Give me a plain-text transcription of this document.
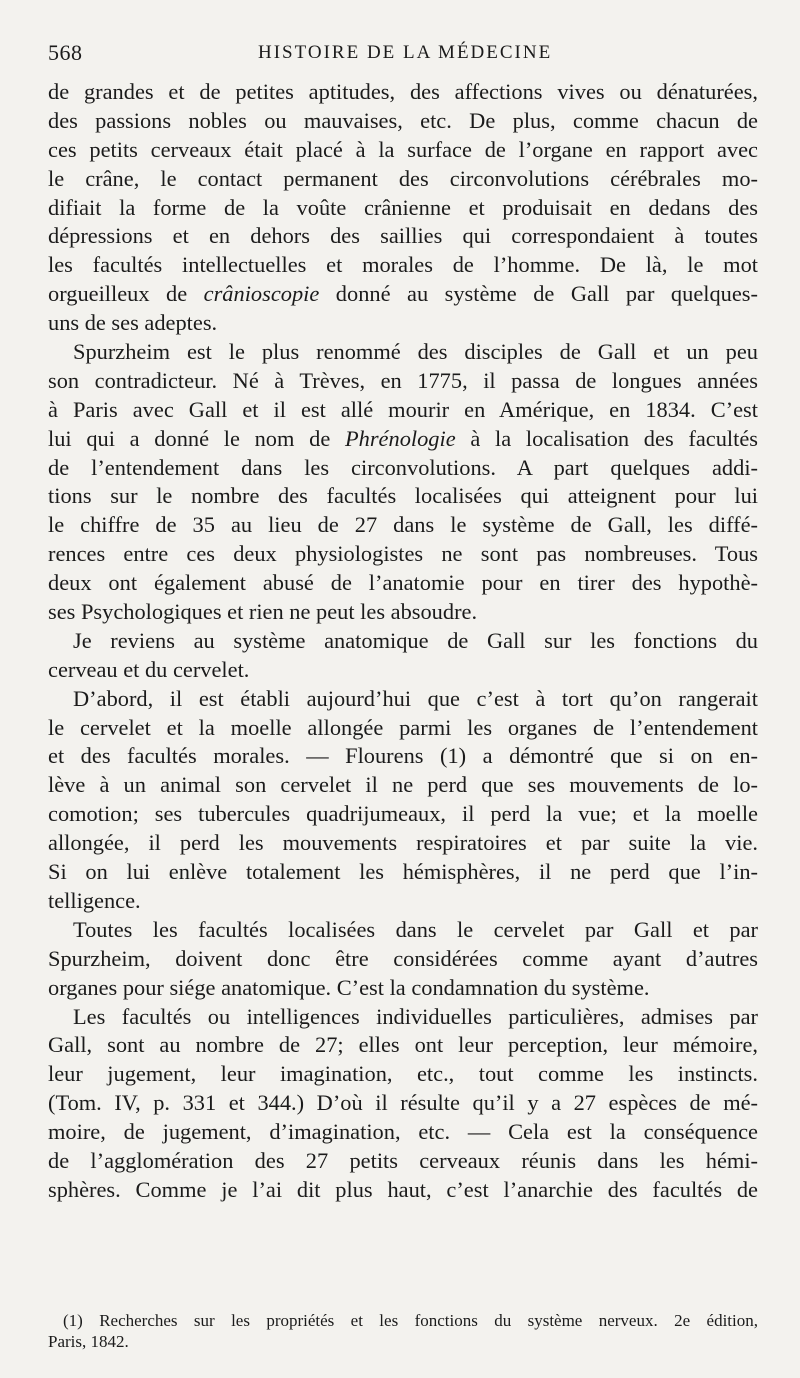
568	HISTOIRE DE LA MÉDECINE
de grandes et de petites aptitudes, des affections vives ou dénaturées,
des passions nobles ou mauvaises, etc. De plus, comme chacun de
ces petits cerveaux était placé à la surface de l’organe en rapport avec
le crâne, le contact permanent des circonvolutions cérébrales mo-
difiait la forme de la voûte crânienne et produisait en dedans des
dépressions et en dehors des saillies qui correspondaient à toutes
les facultés intellectuelles et morales de l’homme. De là, le mot
orgueilleux de crânioscopie donné au système de Gall par quelques-
uns de ses adeptes.
Spurzheim est le plus renommé des disciples de Gall et un peu
son contradicteur. Né à Trèves, en 1775, il passa de longues années
à Paris avec Gall et il est allé mourir en Amérique, en 1834. C’est
lui qui a donné le nom de Phrénologie à la localisation des facultés
de l’entendement dans les circonvolutions. A part quelques addi-
tions sur le nombre des facultés localisées qui atteignent pour lui
le chiffre de 35 au lieu de 27 dans le système de Gall, les diffé-
rences entre ces deux physiologistes ne sont pas nombreuses. Tous
deux ont également abusé de l’anatomie pour en tirer des hypothè-
ses Psychologiques et rien ne peut les absoudre.
Je reviens au système anatomique de Gall sur les fonctions du
cerveau et du cervelet.
D’abord, il est établi aujourd’hui que c’est à tort qu’on rangerait
le cervelet et la moelle allongée parmi les organes de l’entendement
et des facultés morales. — Flourens (1) a démontré que si on en-
lève à un animal son cervelet il ne perd que ses mouvements de lo-
comotion; ses tubercules quadrijumeaux, il perd la vue; et la moelle
allongée, il perd les mouvements respiratoires et par suite la vie.
Si on lui enlève totalement les hémisphères, il ne perd que l’in-
telligence.
Toutes les facultés localisées dans le cervelet par Gall et par
Spurzheim, doivent donc être considérées comme ayant d’autres
organes pour siége anatomique. C’est la condamnation du système.
Les facultés ou intelligences individuelles particulières, admises par
Gall, sont au nombre de 27; elles ont leur perception, leur mémoire,
leur jugement, leur imagination, etc., tout comme les instincts.
(Tom. IV, p. 331 et 344.) D’où il résulte qu’il y a 27 espèces de mé-
moire, de jugement, d’imagination, etc. — Cela est la conséquence
de l’agglomération des 27 petits cerveaux réunis dans les hémi-
sphères. Comme je l’ai dit plus haut, c’est l’anarchie des facultés de
(1) Recherches sur les propriétés et les fonctions du système nerveux. 2e édition,
Paris, 1842.
